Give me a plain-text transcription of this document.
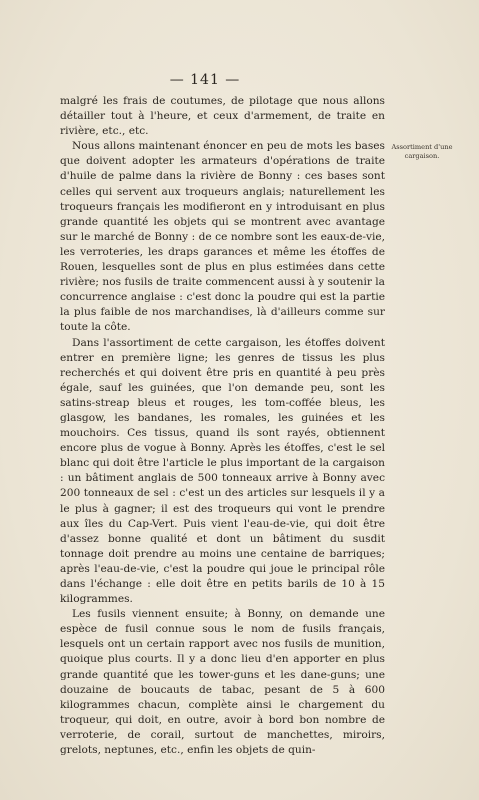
— 141 —
Assortiment d'une cargaison.

malgré les frais de coutumes, de pilotage que nous allons détailler tout à l'heure, et ceux d'armement, de traite en rivière, etc., etc.

Nous allons maintenant énoncer en peu de mots les bases que doivent adopter les armateurs d'opérations de traite d'huile de palme dans la rivière de Bonny : ces bases sont celles qui servent aux troqueurs anglais; naturellement les troqueurs français les modifieront en y introduisant en plus grande quantité les objets qui se montrent avec avantage sur le marché de Bonny : de ce nombre sont les eaux-de-vie, les verroteries, les draps garances et même les étoffes de Rouen, lesquelles sont de plus en plus estimées dans cette rivière; nos fusils de traite commencent aussi à y soutenir la concurrence anglaise : c'est donc la poudre qui est la partie la plus faible de nos marchandises, là d'ailleurs comme sur toute la côte.

Dans l'assortiment de cette cargaison, les étoffes doivent entrer en première ligne; les genres de tissus les plus recherchés et qui doivent être pris en quantité à peu près égale, sauf les guinées, que l'on demande peu, sont les satins-streap bleus et rouges, les tom-coffée bleus, les glasgow, les bandanes, les romales, les guinées et les mouchoirs. Ces tissus, quand ils sont rayés, obtiennent encore plus de vogue à Bonny. Après les étoffes, c'est le sel blanc qui doit être l'article le plus important de la cargaison : un bâtiment anglais de 500 tonneaux arrive à Bonny avec 200 tonneaux de sel : c'est un des articles sur lesquels il y a le plus à gagner; il est des troqueurs qui vont le prendre aux îles du Cap-Vert. Puis vient l'eau-de-vie, qui doit être d'assez bonne qualité et dont un bâtiment du susdit tonnage doit prendre au moins une centaine de barriques; après l'eau-de-vie, c'est la poudre qui joue le principal rôle dans l'échange : elle doit être en petits barils de 10 à 15 kilogrammes.

Les fusils viennent ensuite; à Bonny, on demande une espèce de fusil connue sous le nom de fusils français, lesquels ont un certain rapport avec nos fusils de munition, quoique plus courts. Il y a donc lieu d'en apporter en plus grande quantité que les tower-guns et les dane-guns; une douzaine de boucauts de tabac, pesant de 5 à 600 kilogrammes chacun, complète ainsi le chargement du troqueur, qui doit, en outre, avoir à bord bon nombre de verroterie, de corail, surtout de manchettes, miroirs, grelots, neptunes, etc., enfin les objets de quin-
